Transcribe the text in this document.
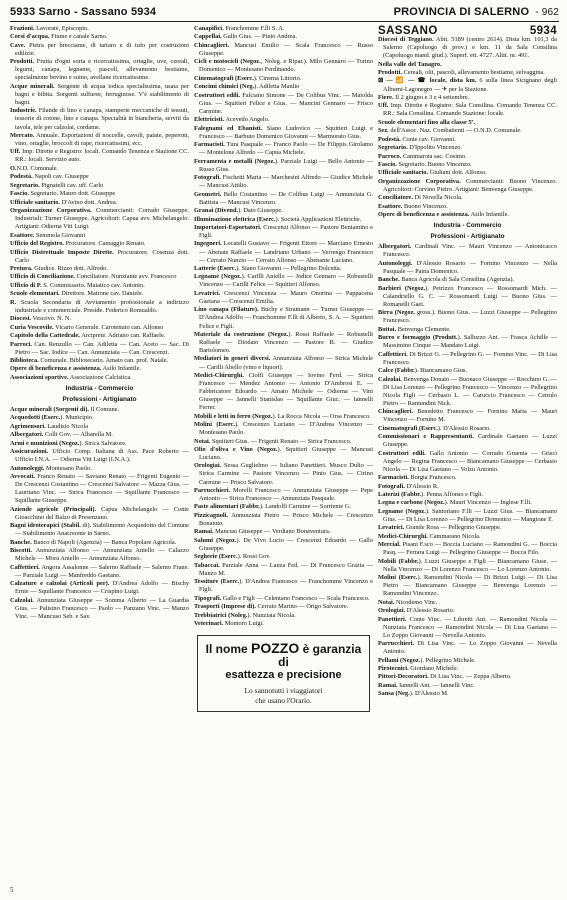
5933 Sarno - Sassano 5934	PROVINCIA DI SALERNO - 962
Frazioni. Lavorate, Episcopio.
Corsi d'acqua. Fiume e canale Sarno.
Cave. Pietra per brecciame, di tartaro e di tufo per costruzioni edilizie.
Prodotti. Frutta d'ogni sorta e ricercatissima, ortaglie, uve, cereali, legumi, canapa, legname, pascoli, allevamento bestiame, specialmente bovino e suino, avellane ricercatissime.
Acque minerali. Sorgente di acqua iodica specialissima, usata per bagni e bibita. Sorgenti sulfuree, ferruginose. V'è stabilimento di bagni.
Industrie. Filande di lino e canapa, stamperie meccaniche di tessuti, tessorie di cotone, lino e canapa. Specialità in biancheria, serviti da tavola, tele per calzolai, cordame.
Mercato. Annuale. Esportazioni di noccelle, cavoli, patate, peperoni, vino, ortaglie, broccoli di rape, ricercatissimi, ecc.
Uff. Imp. Dirette e Registro: locali. Comando Tenenza e Stazione CC. RR.: locali. Servizio auto.
O.N.D. Comunale.
Podestà. Napoli cav. Giuseppe
Segretario. Pignatelli cav. uff. Carlo
Fascio. Segretario. Mauro dott. Giuseppe
Ufficiale sanitario. D'Avino dott. Andrea.
Organizzazione Corporativa. Commercianti: Corrado Giuseppe. Industriali: Turner Giuseppe. Agricoltori: Capua avv. Michelangelo. Artigiani: Odierna Vitt Luigi.
Esattore. Semmola Giovanni
Ufficio del Registro. Procuratore. Camaggio Renato.
Ufficio Distrettuale Imposte Dirette. Procuratore. Cosenza dott. Carlo
Pretura. Giudice. Rizzo dott. Alfredo.
Ufficio di Conciliazione. Conciliatore. Nunziante avv. Francesco
Ufficio di P. S. Commissario. Maiatico cav. Antonio.
Scuole elementari. Direttore. Matrone cav. Daniele.
R. Scuola Secondaria di Avviamento professionale a indirizzo industriale e commerciale. Preside. Federico Romualdo.
Diocesi. Vescovo. N. N.
Curia Vescovile. Vicario Generale. Carotenuto can. Alfonso
Capitolo della Cattedrale. Arciprete. Adriano can. Raffaele.
Parroci. Can. Renzullo — Can. Adiletta — Can. Aceto — Sac. Di Pietro — Sac. Iodice — Can. Annunziata — Can. Crescenzi.
Biblioteca. Comunale. Bibliotecario. Amato can. prof. Natale.
Opere di beneficenza e assistenza. Asilo Infantile.
Associazioni sportive. Associazione Calcistica.
Industria - Commercio
Professioni - Artigianato
Acque minerali (Sorgenti di). Il Comune.
Acquedotti (Eserc.). Municipio.
Agrimensori. Laudisio Nicola
Albergatori. Colli Gov. — Albarella M.
Armi e munizioni (Negoz.). Sirica Salvatore.
Assicurazioni. Ufficio Comp. Italiana di Ass. Pace Roberto — Ufficio I.N.A. — Odierna Vitt Luigi (I.N.A.).
Autonoleggi. Montesano Paolo.
Avvocati. Franco Renato — Saviano Renato — Frigenti Eugenio — De Crescenzi Costantino — Crescenzi Salvatore — Mazza Gius. — Lauritano Vinc. — Sirica Francesco — Squillante Francesco — Squillante Giuseppe.
Aziende agricole (Principali). Capua Michelangelo — Conte Gioacchino del Balzo di Presenzano.
Bagni idroterapici (Stabil. di). Stabilimento Acquedotto del Comune — Stabilimento Anacreonte in Sarno.
Banche. Banco di Napoli (Agenzia) — Banca Popolare Agricola.
Biscotti. Annunziata Alfonso — Annunziata Aniello — Calazzo Michele — Mora Aniello — Annunziata Alfonso.
Caffettieri. Angora Assalonne — Salerno Raffaele — Salerno Frane. — Parziale Luigi — Manfreddo Gaetano.
Calzature e calzolai (Articoli per). D'Andrea Adolfo — Bischy Ernie — Squillante Francesco — Crispino Luigi.
Calzolai. Annunziata Giuseppe — Somma Alberto — La Guardia Gius. — Palisino Francesco — Paolo — Panzano Vinc. — Manzo Vinc. — Mancuso Seb. e Sav.
Canapifici. Franchomme F.lli S. A.
Cappellai. Gallo Gius. — Pinto Andrea.
Chincaglieri. Mancusi Emilio — Scala Francesco — Russo Giuseppe.
Cicli e motocicli (Negoz., Noleg. e Ripar.). Milo Gennaro — Torino Domenico — Montesano Ferdinando.
Cinematografi (Eserc.). Cinema Littorio.
Concimi chimici (Neg.). Adiletta Manlio
Costruttori edili. Falciano Simone — De Colibus Vinc. — Maiolda Gius. — Squitieri Felice e Gius. — Mancini Gennaro — Frisco Carmine.
Elettricisti. Acevedo Angelo.
Falegnami ed Ebanisti. Siano Ludovico — Squitieri Luigi e Francesco — Barbuto Domenico Giovanni — Marmorato Gius.
Farmacisti. Tura Pasquale — Franco Paolo — De Filippis Girolamo — Montelone Alfredo — Capua Michele.
Ferramenta e metalli (Negoz.). Parziale Luigi — Bello Antonio — Russo Gius.
Fotografi. Fischetti Maria — Marchesini Alfredo — Giudice Michele — Mancusi Attilio.
Geometri. Bello Costantino — De Colibus Luigi — Annunziata G. Battista — Mancusi Vincenzo.
Granai (Divend.). Dato Giuseppe.
Illuminazione elettrica (Eserc.). Società Applicazioni Elettriche.
Importatori-Esportatori. Crescenzi Alfonso — Pastore Beniamino e Figli.
Ingegneri. Locatelli Gustavo — Frigenti Ettore — Marciano Ernesto — Abenate Raffaele — Landriano Urbano — Verrengo Francesco — Cerrato Nunzio — Cerrato Alfonso — Abenante Luciano.
Latterie (Eserc.). Siano Giovanni — Pellegrino Dolcetta.
Legname (Negoz.). Carilli Aniello — Jodice Gennaro — Robustelli Vincenzo — Carilli Felice — Squitieri Alfonso.
Levatrici. Crescenzi Vincenza — Mauro Onorina — Pappacena Gaetana — Crescenzi Emilia.
Lino canapa (Filature). Buchy e Stramann — Turner Giuseppe — D'Andrea Adolfo — Franchomme F.lli di Alberto, S. A. — Squitieri Felice e Figli.
Materiale da costruzione (Negoz.). Rossi Raffaele — Robustelli Raffaele — Diodato Vincenzo — Pastore B. — Giudice Bartolomeo.
Mediatori in generi diversi. Annunziata Alfonso — Sirica Michele — Carilli Abello (vino e liquori).
Medici-Chirurghi. Cioffi Giuseppe — Iovino Ferd. — Sirica Francesco — Mendez Antonio — Antonio D'Ambrosi E. — Fabbricatore Edoardo — Amato Michele — Odierna — Vini Giuseppe — Jannelli Stanislao — Squillante Giuc. — Iannelli Ferrer.
Mobili e letti in ferro (Negoz.). La Rocca Nicola — Orsa Francesco.
Molini (Eserc.). Crescenzo Luciano — D'Andrea Vincenzo — Montesano Paolo.
Notai. Squitieri Gius. — Frigenti Renato — Sirica Francesco.
Olio d'oliva e Vino (Negoz.). Squitieri Giuseppe — Mancusi Luciano.
Orologiai. Sessa Guglielmo — Iuliano Panettieri. Musco Dulio — Sirica Carmine — Pastore Vincenzo — Pinto Gius. — Cirino Carmine — Prisco Salvatore.
Parrucchieri. Morelli Francesco — Annunziata Giuseppe — Pepe Antonio — Sirica Francesco — Annunziata Pasquale.
Paste alimentari (Fabbr.). Landolfi Carmine — Sorriente G.
Pizzicagnoli. Annunziata Pietro — Prisco Michele — Crescenzo Bonaiuto.
Ramai. Mancusi Giuseppe — Verdiano Bonaventura.
Salumi (Negoz.). De Vivo Lucio — Crescenzi Edoardo — Gallo Giuseppe.
Segherie (Eserc.). Rossi Gov.
Tabaccai. Parziale Anna — Lanza Fed. — Di Francesco Grazia — Manzo M.
Tessiture (Eserc.). D'Andrea Francesco — Franchomme Vincenzo e Figli.
Tipografi. Gallo e Figli — Celentano Francesco — Scala Francesco.
Trasporti (Imprese di). Cerrato Marino — Origo Salvatore.
Trebbiatrici (Noleg.). Nunziata Nicola.
Veterinari. Montoro Luigi.
Il nome POZZO è garanzia di
esattezza e precisione
Lo sannotutti i viaggiatori
che usano l'Orario.
SASSANO	5934
Diocesi di Teggiano. Abit. 5189 (centro 2614). Dista km. 101,3 da Salerno (Capoluogo di prov.) e km. 11 da Sala Consilina (Capoluogo mand. giud.). Superf. ett. 4727. Altit. m. 491.
Nella valle del Tanagro.
Prodotti. Cereali, olii, pascoli, allevamento bestiame, selvaggina.
⊠ — 📶 — ☎ locale, dista km. 6 sulla linea Sicignano degli Alburni-Lagonegro — ✈ per la Stazione.
Fiere. Il 2 giugno e 3 e 4 settembre.
Uff. Imp. Dirette e Registro: Sala Consilina. Comando Tenenza CC. RR.: Sala Consilina. Comando Stazione: locale.
Scuole elementari fino alla classe 5ª.
Sez. dell'Assoc. Naz. Combattenti — O.N.D. Comunale.
Podestà. Conte cav. Giovanni.
Segretario. D'Ippolito Vincenzo.
Parroco. Cammarota sac. Cosimo.
Fascio. Segretario. Buono Vincenzo.
Ufficiale sanitario. Giuliani dott. Alfonso.
Organizzazione Corporativa. Commercianti: Buono Vincenzo. Agricoltori: Corvino Pietro. Artigiani: Benvenga Giuseppe.
Conciliatore. Di Novella Nicola.
Esattore. Buono Vincenzo.
Opere di beneficenza e assistenza. Asilo Infantile.
Industria - Commercio
Professioni - Artigianato
Albergatori. Cardinali Vinc. — Mauri Vincenzo — Antonicacco Francesco.
Autonoleggi. D'Alessio Rosario — Fornino Vincenzo — Nella Pasquale — Paina Domenico.
Banche. Banca Agricola di Sala Consilina (Agenzia).
Barbieri (Negoz.). Petrizzo Francesco — Rossomardi Mich. — Calandriello G. C. — Rossomardi Luigi — Buono Gius. — Romanelli Gaet.
Birra (Negoz. gross.). Buono Gius. — Luzzi Giuseppe — Pellegrino Francesco.
Bottai. Benvenga Clemente.
Burro e formaggio (Produtt.). Salluzzo Ant. — Frasca Achille — Massimino Cinque — Mandato Luigi.
Caffettieri. Di Brizzi G. — Pellegrino G. — Fornino Vinc. — Di Lisa Francesco.
Calce (Fabbr.). Biancamano Gius.
Calzolai. Benvenga Donato — Buonaco Giuseppe — Rocchino G. — Di Lisa Lorenzo — Pellegrino Francesco — Vincenzo — Pellegrino Nicola Figli — Cerbasio L. — Caruccio Francesco — Cetrulo Pietro — Ramundini Nick.
Chincaglieri. Benedetto Francesco — Fornino Maria — Mauri Vincenzo — Fornino M.
Cinematografi (Eserc.). D'Alessio Rosario.
Commissionari e Rappresentanti. Cardinale Gaetano — Luzzi Giuseppe.
Costruttori edili. Gallo Antonio — Corrado Gruenia — Grisci Angelo — Regina Francesco — Biancamano Giuseppe — Cerbasio Nicola — Di Lisa Gaetano — Volzu Antonio.
Farmacisti. Borgia Francesco.
Fotografi. D'Alessio R.
Laterizi (Fabbr.). Penna Alfonso e Figli.
Legna e carbone (Negoz.). Mauri Vincenzo — Inglese F.lli.
Legname (Negoz.). Santoriano F.lli — Luzzi Gius. — Biancamano Gius. — Di Lisa Lorenzo — Pellegrino Domenico — Mangione F.
Levatrici. Grande Rosa — Pellegrino Giuseppe.
Medici-Chirurghi. Cammarano Nicola.
Mercial. Pisani F.sco — Boccia Luciano — Ramondini G. — Boccia Pasq. — Ferrara Luigi — Pellegrino Giuseppe — Bocca Filo.
Mobili (Fabbr.). Luzzi Giuseppe e Figli — Biancamano Giuse. — Nella Vincenzo — Di Lorenzo Francesco — Lo Lorenzo Antonio.
Molini (Eserc.). Ramondini Nicola — Di Brizzi Luigi — Di Lisa Pietro — Biancamano Giuseppe — Benvenga Lorenzo — Ramondini Vincenzo.
Notai. Nicodemo Vinc.
Orologiai. D'Alessio Rosario.
Panettieri. Conte Vinc. — Libretti Ant. — Ramondini Nicola — Nunziata Francesco — Ramondini Nicola — Di Lisa Gaetano — Lo Zoppo Giovanni — Nevella Antonio.
Parrucchieri. Di Lisa Vinc. — Lo Zoppo Giovanni — Nevella Antonio.
Pellami (Negoz.). Pellegrino Michele.
Pirotecnici. Giordano Michele.
Pittori-Decoratori. Di Lisa Vinc. — Zeppa Alberto.
Ramai. Iannelli Ant. — Iannelli Vinc.
Sansa (Neg.). D'Alessio M.
5
